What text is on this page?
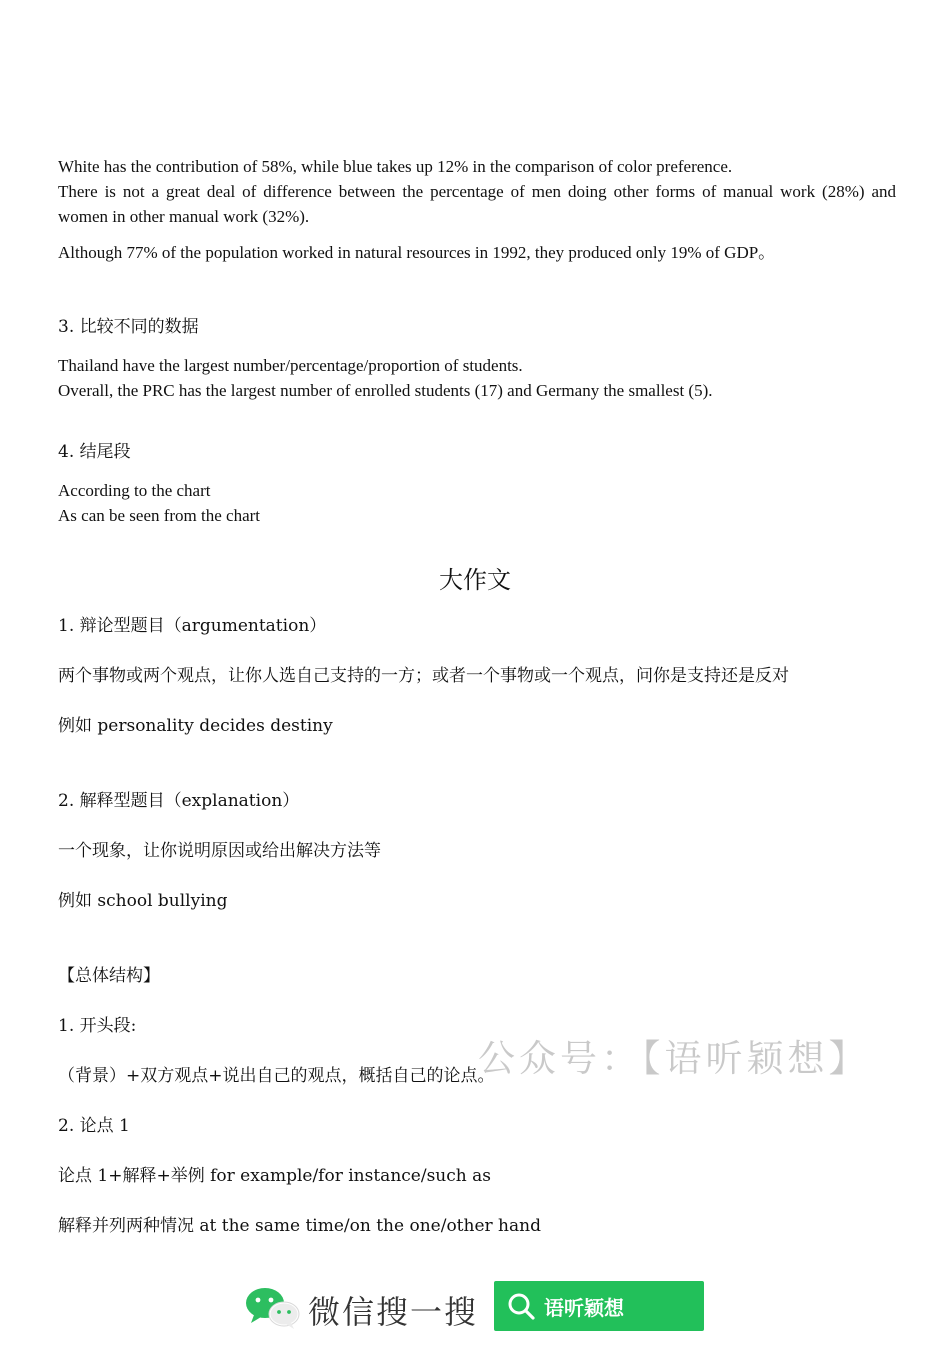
White has the contribution of 58%, while blue takes up 12% in the comparison of color preference.

There is not a great deal of difference between the percentage of men doing other forms of manual work (28%) and women in other manual work (32%).

Although 77% of the population worked in natural resources in 1992, they produced only 19% of GDP。

3. 比较不同的数据

Thailand have the largest number/percentage/proportion of students.

Overall, the PRC has the largest number of enrolled students (17) and Germany the smallest (5).

4. 结尾段

According to the chart

As can be seen from the chart

大作文

1. 辩论型题目（argumentation）

两个事物或两个观点，让你人选自己支持的一方；或者一个事物或一个观点，问你是支持还是反对

例如 personality decides destiny

2. 解释型题目（explanation）

一个现象，让你说明原因或给出解决方法等

例如 school bullying

【总体结构】

1. 开头段:

（背景）+双方观点+说出自己的观点，概括自己的论点。

2. 论点 1

论点 1+解释+举例 for example/for instance/such as

解释并列两种情况 at the same time/on the one/other hand

公众号：【语听颖想】
微信搜一搜	语听颖想
